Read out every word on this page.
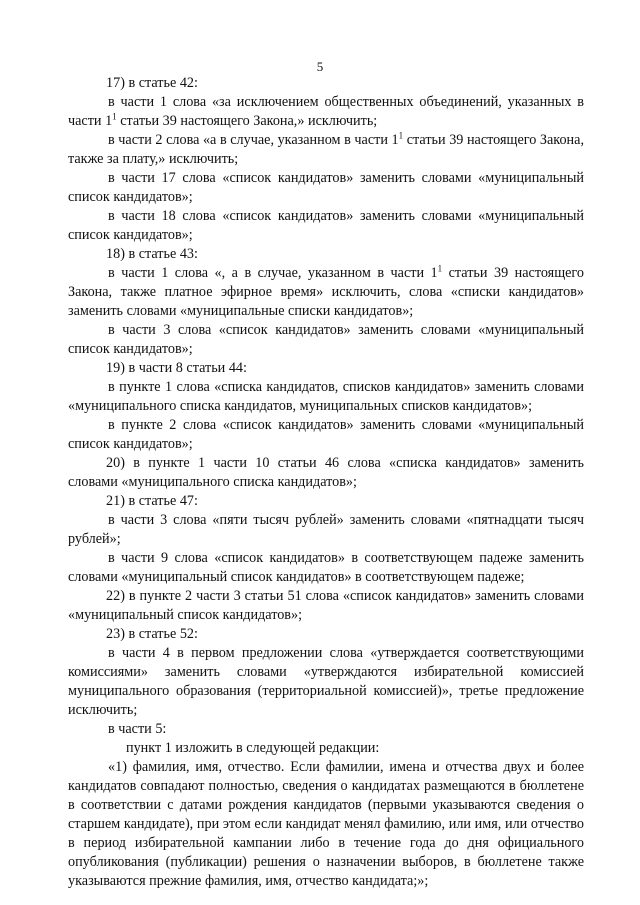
5

17) в статье 42:

в части 1 слова «за исключением общественных объединений, указанных в части $1^1$ статьи 39 настоящего Закона,» исключить;

в части 2 слова «а в случае, указанном в части $1^1$ статьи 39 настоящего Закона, также за плату,» исключить;

в части 17 слова «список кандидатов» заменить словами «муниципальный список кандидатов»;

в части 18 слова «список кандидатов» заменить словами «муниципальный список кандидатов»;

18) в статье 43:

в части 1 слова «, а в случае, указанном в части $1^1$ статьи 39 настоящего Закона, также платное эфирное время» исключить, слова «списки кандидатов» заменить словами «муниципальные списки кандидатов»;

в части 3 слова «список кандидатов» заменить словами «муниципальный список кандидатов»;

19) в части 8 статьи 44:

в пункте 1 слова «списка кандидатов, списков кандидатов» заменить словами «муниципального списка кандидатов, муниципальных списков кандидатов»;

в пункте 2 слова «список кандидатов» заменить словами «муниципальный список кандидатов»;

20) в пункте 1 части 10 статьи 46 слова «списка кандидатов» заменить словами «муниципального списка кандидатов»;

21) в статье 47:

в части 3 слова «пяти тысяч рублей» заменить словами «пятнадцати тысяч рублей»;

в части 9 слова «список кандидатов» в соответствующем падеже заменить словами «муниципальный список кандидатов» в соответствующем падеже;

22) в пункте 2 части 3 статьи 51 слова «список кандидатов» заменить словами «муниципальный список кандидатов»;

23) в статье 52:

в части 4 в первом предложении слова «утверждается соответствующими комиссиями» заменить словами «утверждаются избирательной комиссией муниципального образования (территориальной комиссией)», третье предложение исключить;

в части 5:

пункт 1 изложить в следующей редакции:

«1) фамилия, имя, отчество. Если фамилии, имена и отчества двух и более кандидатов совпадают полностью, сведения о кандидатах размещаются в бюллетене в соответствии с датами рождения кандидатов (первыми указываются сведения о старшем кандидате), при этом если кандидат менял фамилию, или имя, или отчество в период избирательной кампании либо в течение года до дня официального опубликования (публикации) решения о назначении выборов, в бюллетене также указываются прежние фамилия, имя, отчество кандидата;»;
